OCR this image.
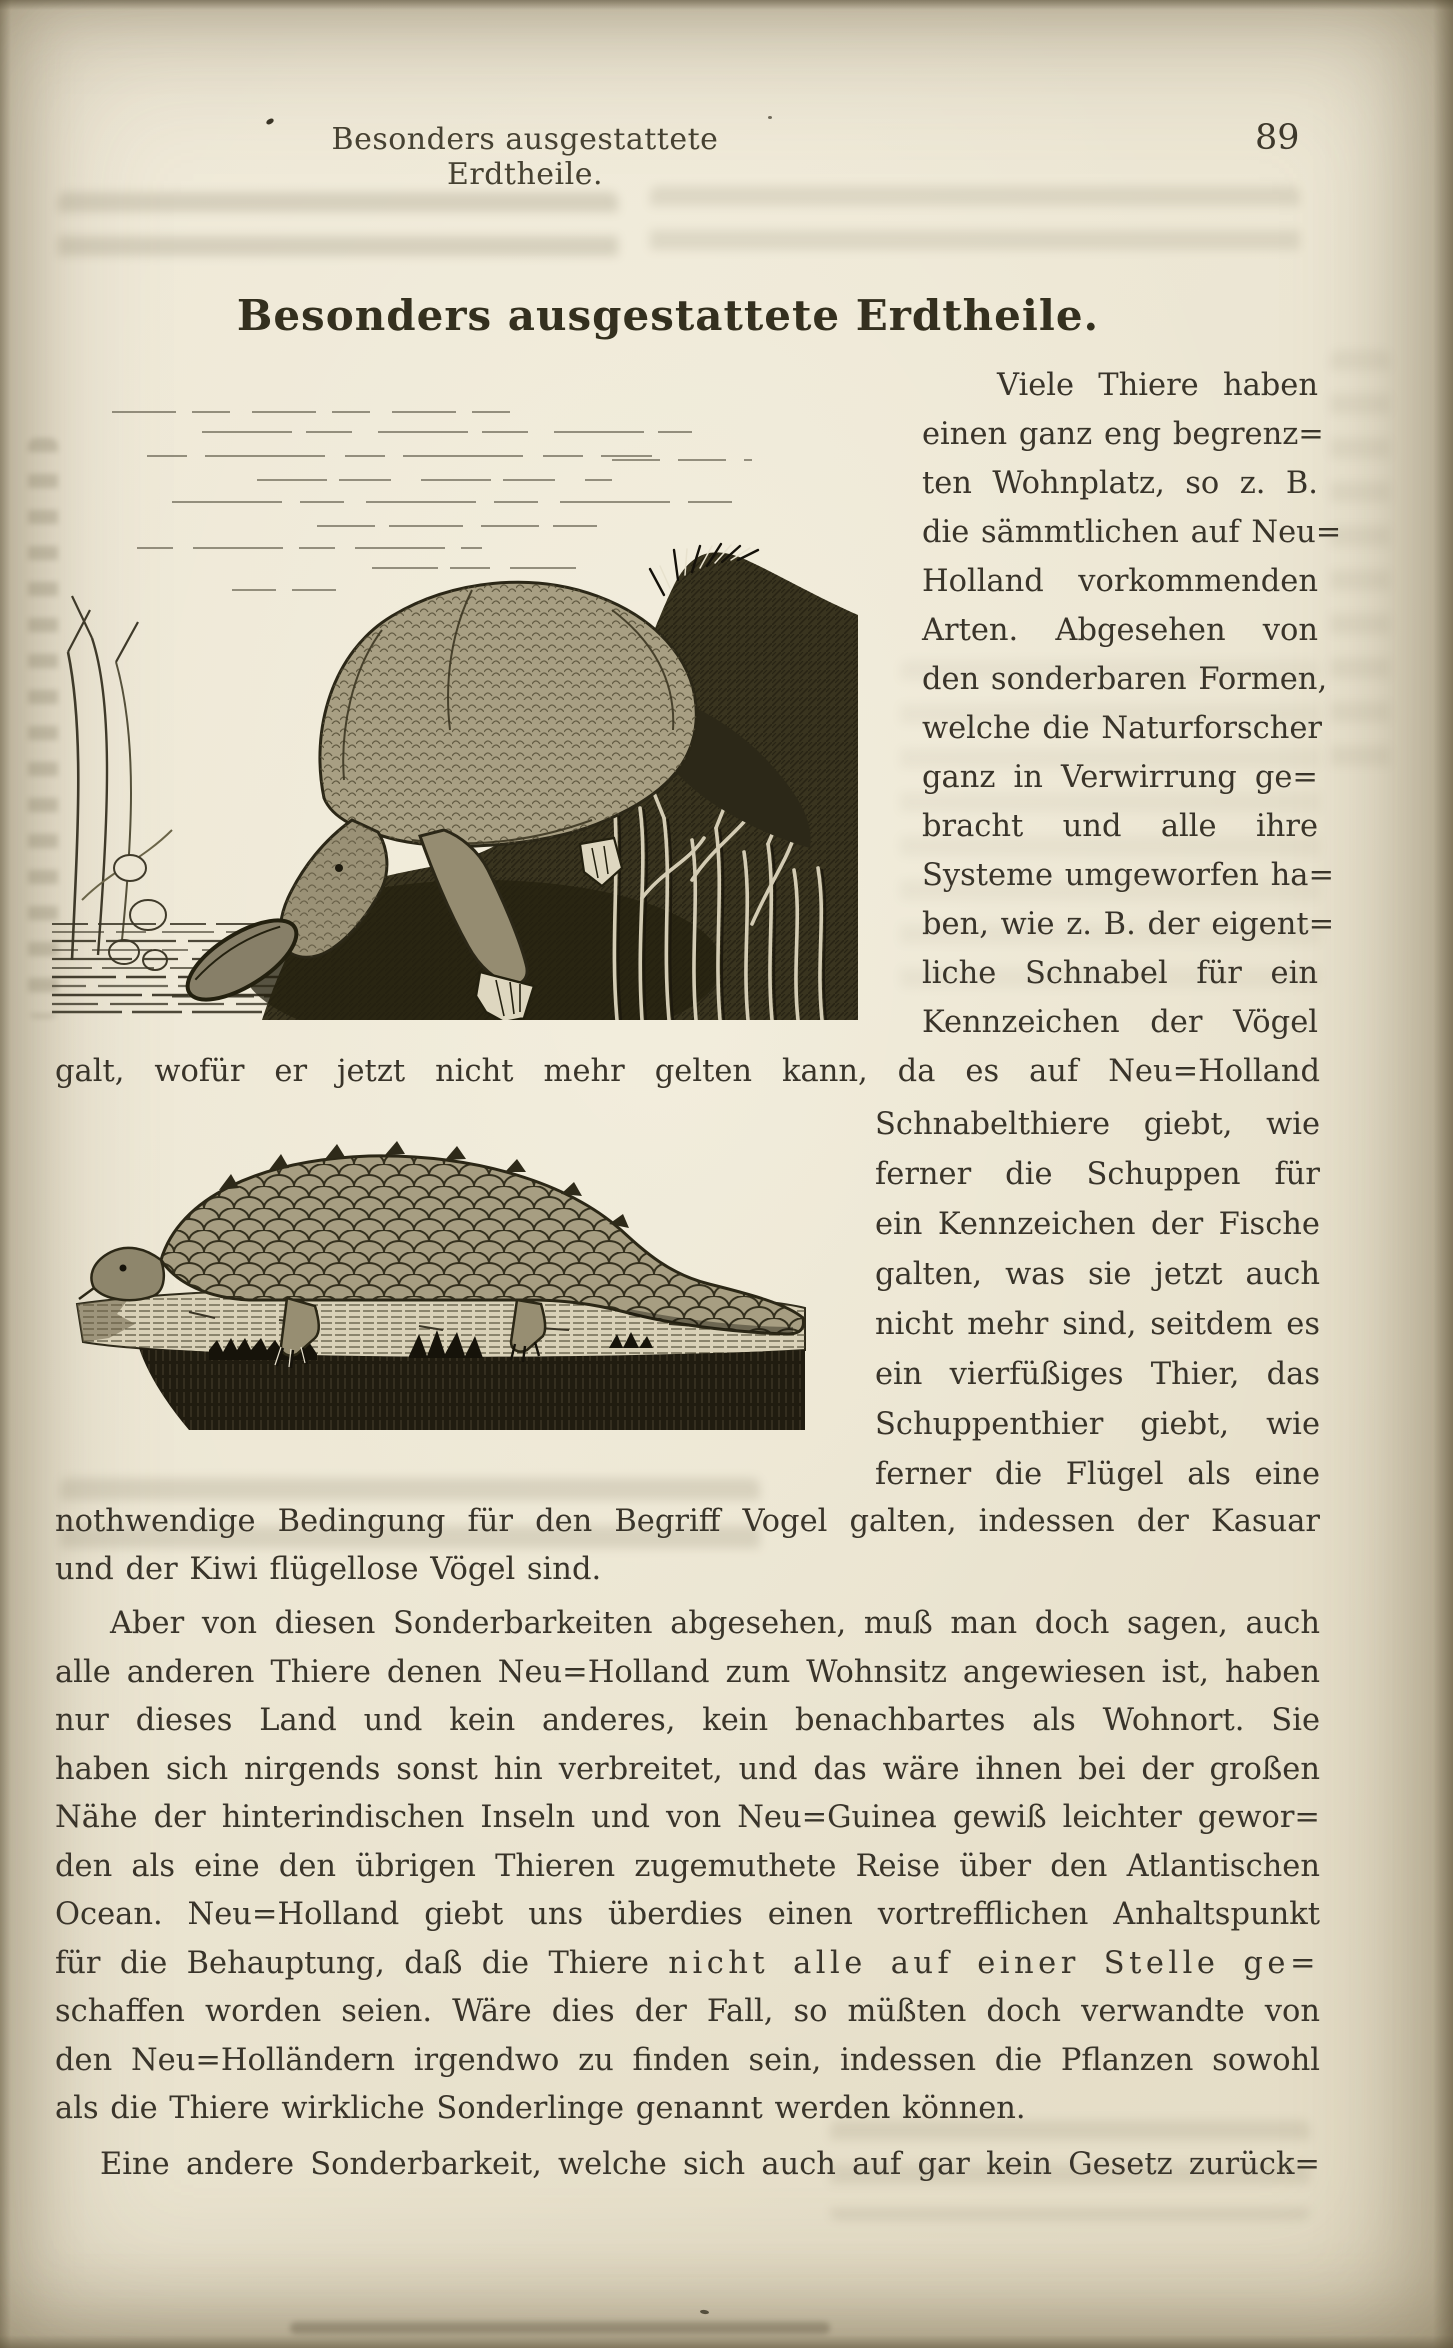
Besonders ausgestattete Erdtheile.
89
Besonders ausgestattete Erdtheile.
Viele Thiere haben
einen ganz eng begrenz=
ten Wohnplatz, so z. B.
die sämmtlichen auf Neu=
Holland vorkommenden
Arten. Abgesehen von
den sonderbaren Formen,
welche die Naturforscher
ganz in Verwirrung ge=
bracht und alle ihre
Systeme umgeworfen ha=
ben, wie z. B. der eigent=
liche Schnabel für ein
Kennzeichen der Vögel
galt, wofür er jetzt nicht mehr gelten kann, da es auf Neu=Holland
Schnabelthiere giebt, wie
ferner die Schuppen für
ein Kennzeichen der Fische
galten, was sie jetzt auch
nicht mehr sind, seitdem es
ein vierfüßiges Thier, das
Schuppenthier giebt, wie
ferner die Flügel als eine
nothwendige Bedingung für den Begriff Vogel galten, indessen der Kasuar
und der Kiwi flügellose Vögel sind.
Aber von diesen Sonderbarkeiten abgesehen, muß man doch sagen, auch
alle anderen Thiere denen Neu=Holland zum Wohnsitz angewiesen ist, haben
nur dieses Land und kein anderes, kein benachbartes als Wohnort. Sie
haben sich nirgends sonst hin verbreitet, und das wäre ihnen bei der großen
Nähe der hinterindischen Inseln und von Neu=Guinea gewiß leichter gewor=
den als eine den übrigen Thieren zugemuthete Reise über den Atlantischen
Ocean. Neu=Holland giebt uns überdies einen vortrefflichen Anhaltspunkt
für die Behauptung, daß die Thiere nicht alle auf einer Stelle ge=
schaffen worden seien. Wäre dies der Fall, so müßten doch verwandte von
den Neu=Holländern irgendwo zu finden sein, indessen die Pflanzen sowohl
als die Thiere wirkliche Sonderlinge genannt werden können.
Eine andere Sonderbarkeit, welche sich auch auf gar kein Gesetz zurück=
